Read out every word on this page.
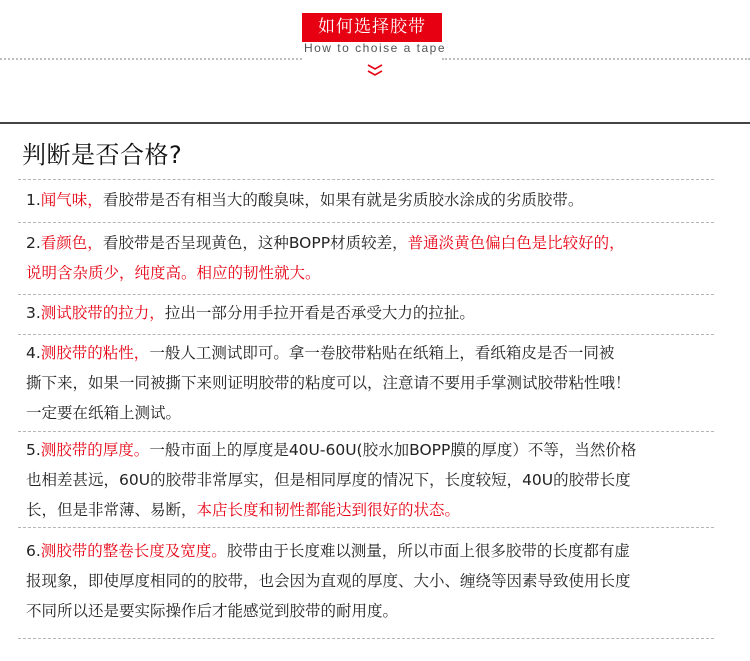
如何选择胶带
How to choise a tape
判断是否合格?
1.闻气味，看胶带是否有相当大的酸臭味，如果有就是劣质胶水涂成的劣质胶带。
2.看颜色，看胶带是否呈现黄色，这种BOPP材质较差，普通淡黄色偏白色是比较好的，
说明含杂质少，纯度高。相应的韧性就大。
3.测试胶带的拉力，拉出一部分用手拉开看是否承受大力的拉扯。
4.测胶带的粘性，一般人工测试即可。拿一卷胶带粘贴在纸箱上，看纸箱皮是否一同被
撕下来，如果一同被撕下来则证明胶带的粘度可以，注意请不要用手掌测试胶带粘性哦！
一定要在纸箱上测试。
5.测胶带的厚度。一般市面上的厚度是40U-60U(胶水加BOPP膜的厚度）不等，当然价格
也相差甚远，60U的胶带非常厚实，但是相同厚度的情况下，长度较短，40U的胶带长度
长，但是非常薄、易断，本店长度和韧性都能达到很好的状态。
6.测胶带的整卷长度及宽度。胶带由于长度难以测量，所以市面上很多胶带的长度都有虚
报现象，即使厚度相同的的胶带，也会因为直观的厚度、大小、缠绕等因素导致使用长度
不同所以还是要实际操作后才能感觉到胶带的耐用度。
